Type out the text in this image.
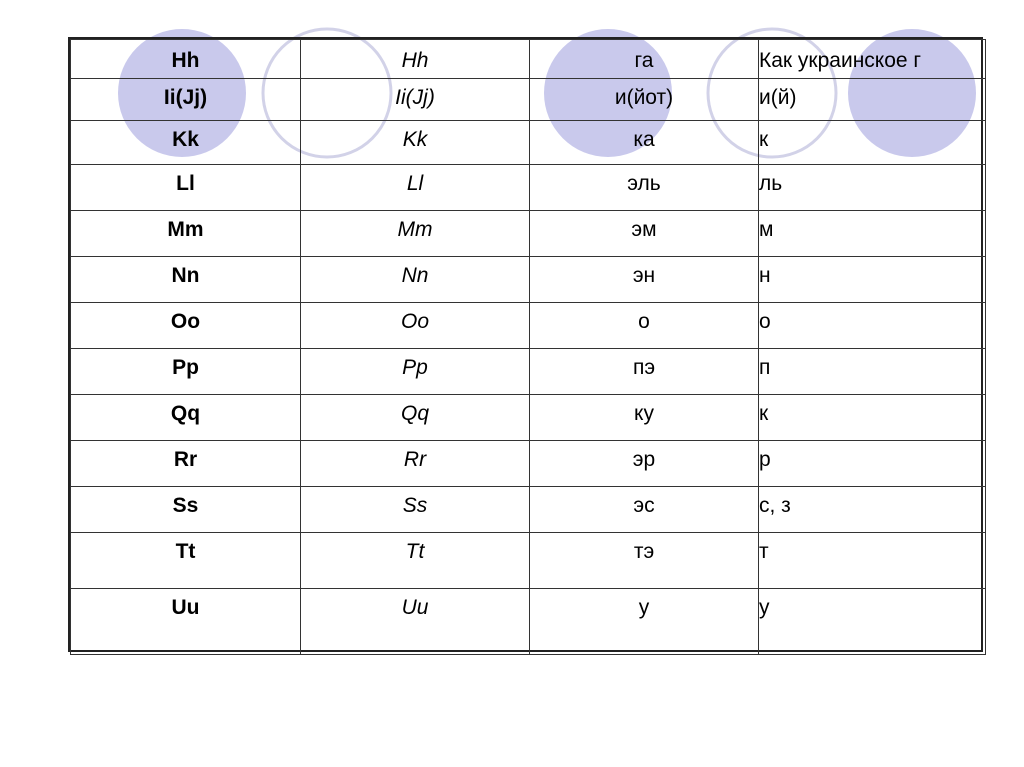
Hh	Hh	га	Как украинское г
Ii(Jj)	Ii(Jj)	и(йот)	и(й)
Kk	Kk	ка	к
Ll	Ll	эль	ль
Mm	Mm	эм	м
Nn	Nn	эн	н
Oo	Oo	о	о
Pp	Pp	пэ	п
Qq	Qq	ку	к
Rr	Rr	эр	р
Ss	Ss	эс	с, з
Tt	Tt	тэ	т
Uu	Uu	у	у
